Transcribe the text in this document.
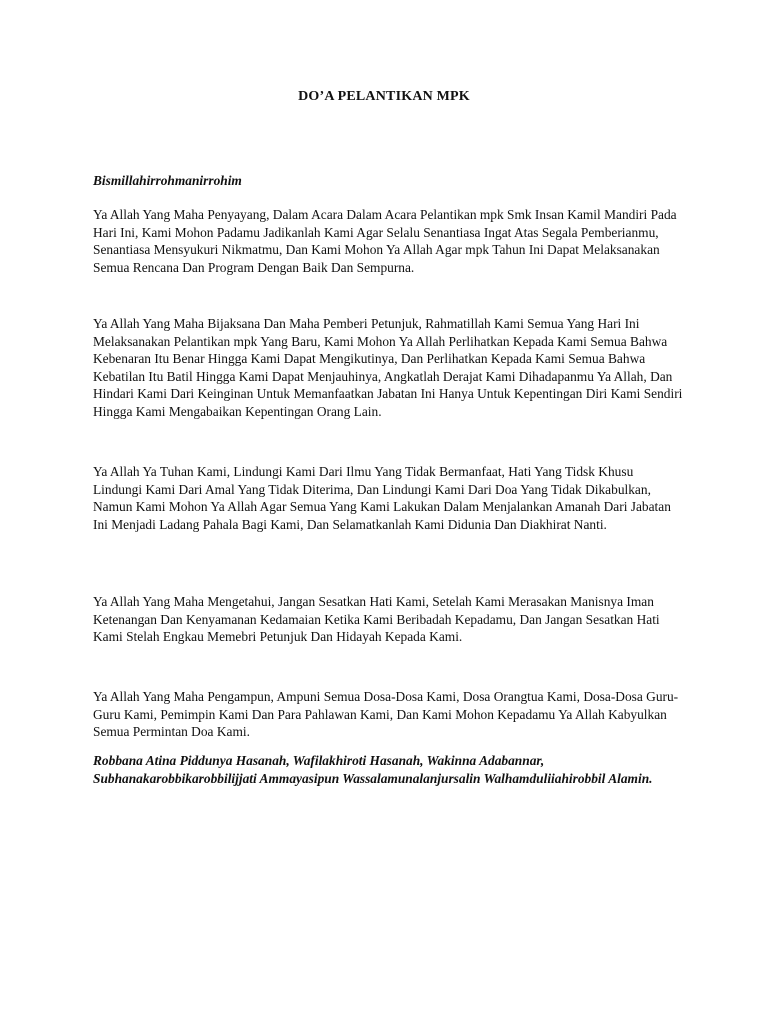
DO’A PELANTIKAN MPK

Bismillahirrohmanirrohim

Ya Allah Yang Maha Penyayang, Dalam Acara Dalam Acara Pelantikan mpk Smk Insan Kamil Mandiri Pada Hari Ini, Kami Mohon Padamu Jadikanlah Kami Agar Selalu Senantiasa Ingat Atas Segala Pemberianmu, Senantiasa Mensyukuri Nikmatmu, Dan Kami Mohon Ya Allah Agar mpk Tahun Ini Dapat Melaksanakan Semua Rencana Dan Program Dengan Baik Dan Sempurna.

Ya Allah Yang Maha Bijaksana Dan Maha Pemberi Petunjuk, Rahmatillah Kami Semua Yang Hari Ini Melaksanakan Pelantikan mpk Yang Baru, Kami Mohon Ya Allah Perlihatkan Kepada Kami Semua Bahwa Kebenaran Itu Benar Hingga Kami Dapat Mengikutinya, Dan Perlihatkan Kepada Kami Semua Bahwa Kebatilan Itu Batil Hingga Kami Dapat Menjauhinya, Angkatlah Derajat Kami Dihadapanmu Ya Allah, Dan Hindari Kami Dari Keinginan Untuk Memanfaatkan Jabatan Ini Hanya Untuk Kepentingan Diri Kami Sendiri Hingga Kami Mengabaikan Kepentingan Orang Lain.

Ya Allah Ya Tuhan Kami, Lindungi Kami Dari Ilmu Yang Tidak Bermanfaat, Hati Yang Tidsk Khusu Lindungi Kami Dari Amal Yang Tidak Diterima, Dan Lindungi Kami Dari Doa Yang Tidak Dikabulkan, Namun Kami Mohon Ya Allah Agar Semua Yang Kami Lakukan Dalam Menjalankan Amanah Dari Jabatan Ini Menjadi Ladang Pahala Bagi Kami, Dan Selamatkanlah Kami Didunia Dan Diakhirat Nanti.

Ya Allah Yang Maha Mengetahui, Jangan Sesatkan Hati Kami, Setelah Kami Merasakan Manisnya Iman Ketenangan Dan Kenyamanan Kedamaian Ketika Kami Beribadah Kepadamu, Dan Jangan Sesatkan Hati Kami Stelah Engkau Memebri Petunjuk Dan Hidayah Kepada Kami.

Ya Allah Yang Maha Pengampun, Ampuni Semua Dosa-Dosa Kami, Dosa Orangtua Kami, Dosa-Dosa Guru-Guru Kami, Pemimpin Kami Dan Para Pahlawan Kami, Dan Kami Mohon Kepadamu Ya Allah Kabyulkan Semua Permintan Doa Kami.

Robbana Atina Piddunya Hasanah, Wafilakhiroti Hasanah, Wakinna Adabannar, Subhanakarobbikarobbilijjati Ammayasipun Wassalamunalanjursalin Walhamduliiahirobbil Alamin.
